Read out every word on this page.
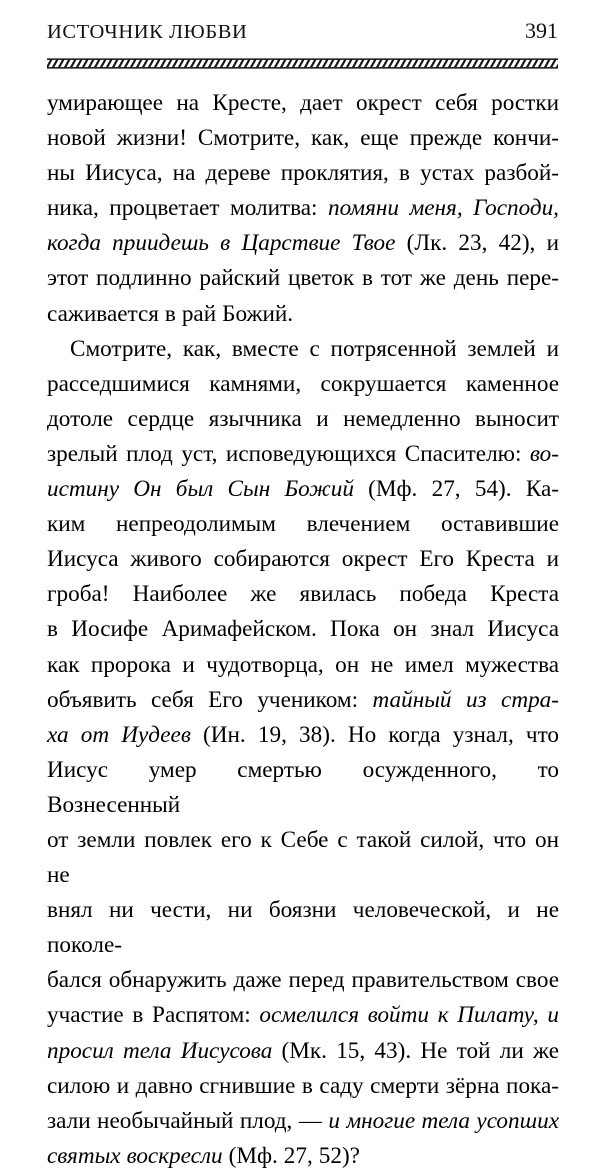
ИСТОЧНИК ЛЮБВИ	391

умирающее на Кресте, дает окрест себя ростки
новой жизни! Смотрите, как, еще прежде кончи-
ны Иисуса, на дереве проклятия, в устах разбой-
ника, процветает молитва: помяни меня, Господи,
когда приидешь в Царствие Твое (Лк. 23, 42), и
этот подлинно райский цветок в тот же день пере-
саживается в рай Божий.

Смотрите, как, вместе с потрясенной землей и
расседшимися камнями, сокрушается каменное
дотоле сердце язычника и немедленно выносит
зрелый плод уст, исповедующихся Спасителю: во-
истину Он был Сын Божий (Мф. 27, 54). Ка-
ким непреодолимым влечением оставившие
Иисуса живого собираются окрест Его Креста и
гроба! Наиболее же явилась победа Креста
в Иосифе Аримафейском. Пока он знал Иисуса
как пророка и чудотворца, он не имел мужества
объявить себя Его учеником: тайный из стра-
ха от Иудеев (Ин. 19, 38). Но когда узнал, что
Иисус умер смертью осужденного, то Вознесенный
от земли повлек его к Себе с такой силой, что он не
внял ни чести, ни боязни человеческой, и не поколе-
бался обнаружить даже перед правительством свое
участие в Распятом: осмелился войти к Пилату, и
просил тела Иисусова (Мк. 15, 43). Не той ли же
силою и давно сгнившие в саду смерти зёрна пока-
зали необычайный плод, — и многие тела усопших
святых воскресли (Мф. 27, 52)?
